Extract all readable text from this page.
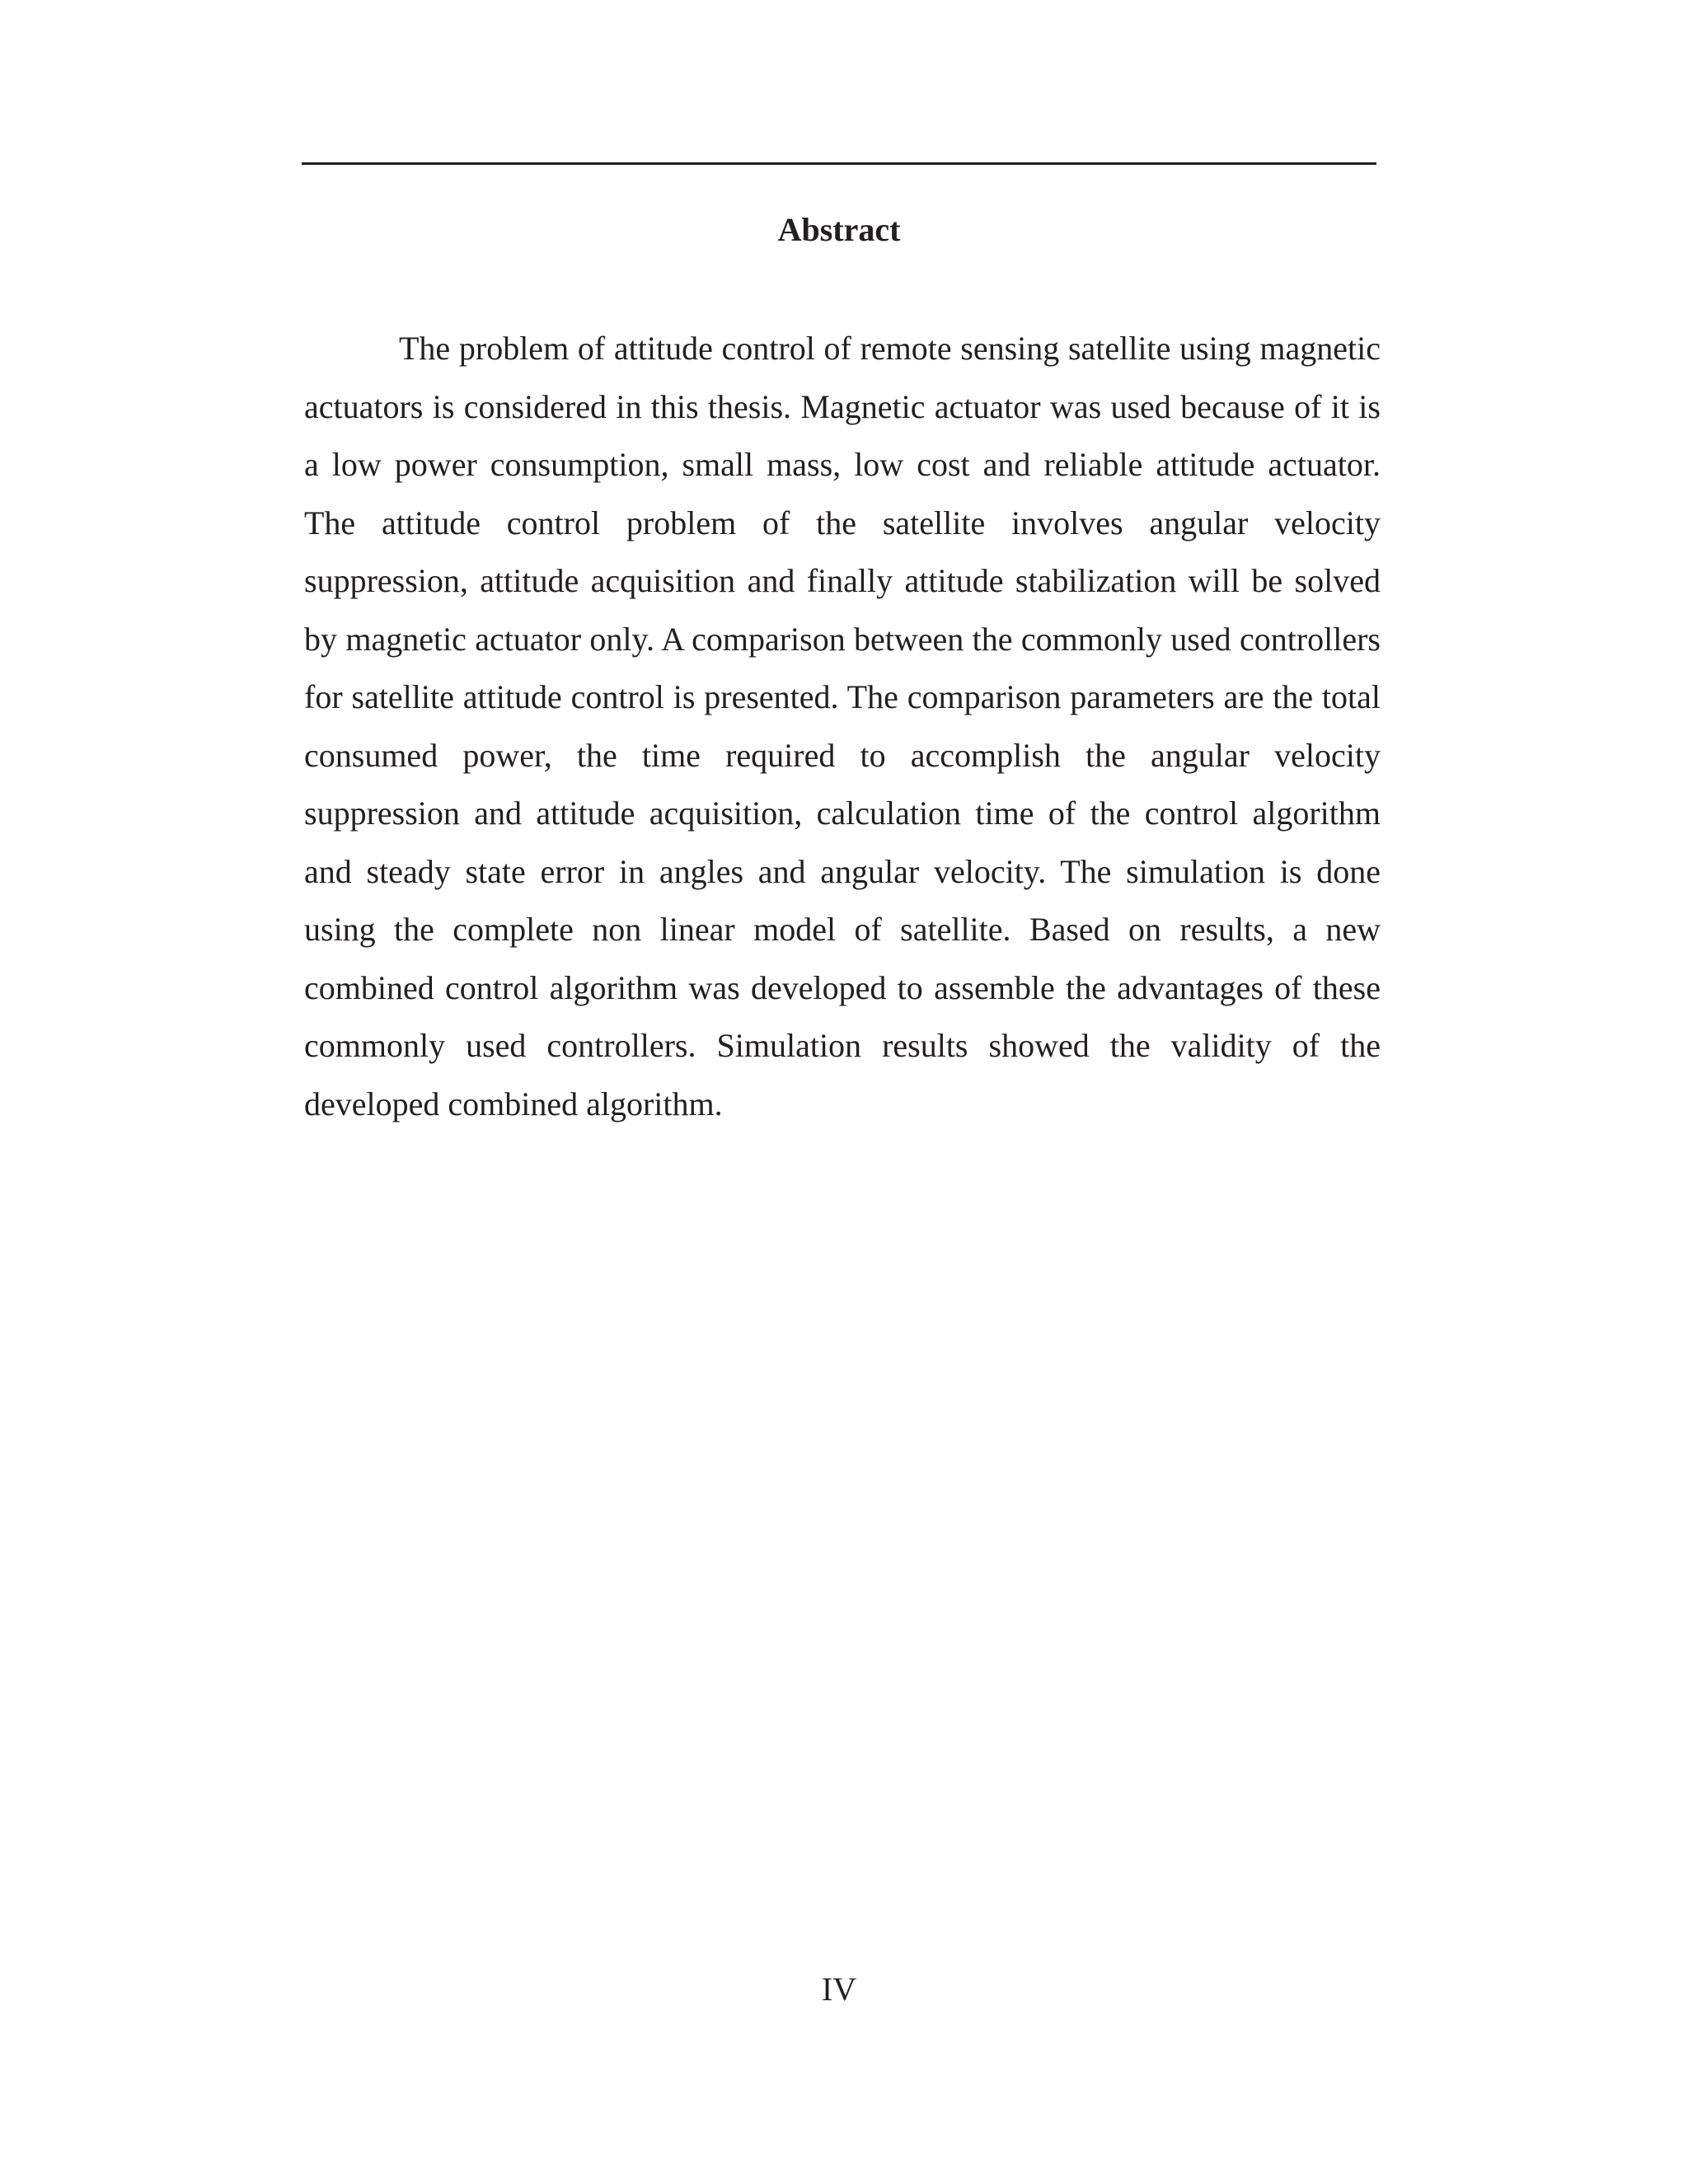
Abstract

The problem of attitude control of remote sensing satellite using magnetic actuators is considered in this thesis. Magnetic actuator was used because of it is a low power consumption, small mass, low cost and reliable attitude actuator. The attitude control problem of the satellite involves angular velocity suppression, attitude acquisition and finally attitude stabilization will be solved by magnetic actuator only. A comparison between the commonly used controllers for satellite attitude control is presented. The comparison parameters are the total consumed power, the time required to accomplish the angular velocity suppression and attitude acquisition, calculation time of the control algorithm and steady state error in angles and angular velocity. The simulation is done using the complete non linear model of satellite. Based on results, a new combined control algorithm was developed to assemble the advantages of these commonly used controllers. Simulation results showed the validity of the developed combined algorithm.

IV
